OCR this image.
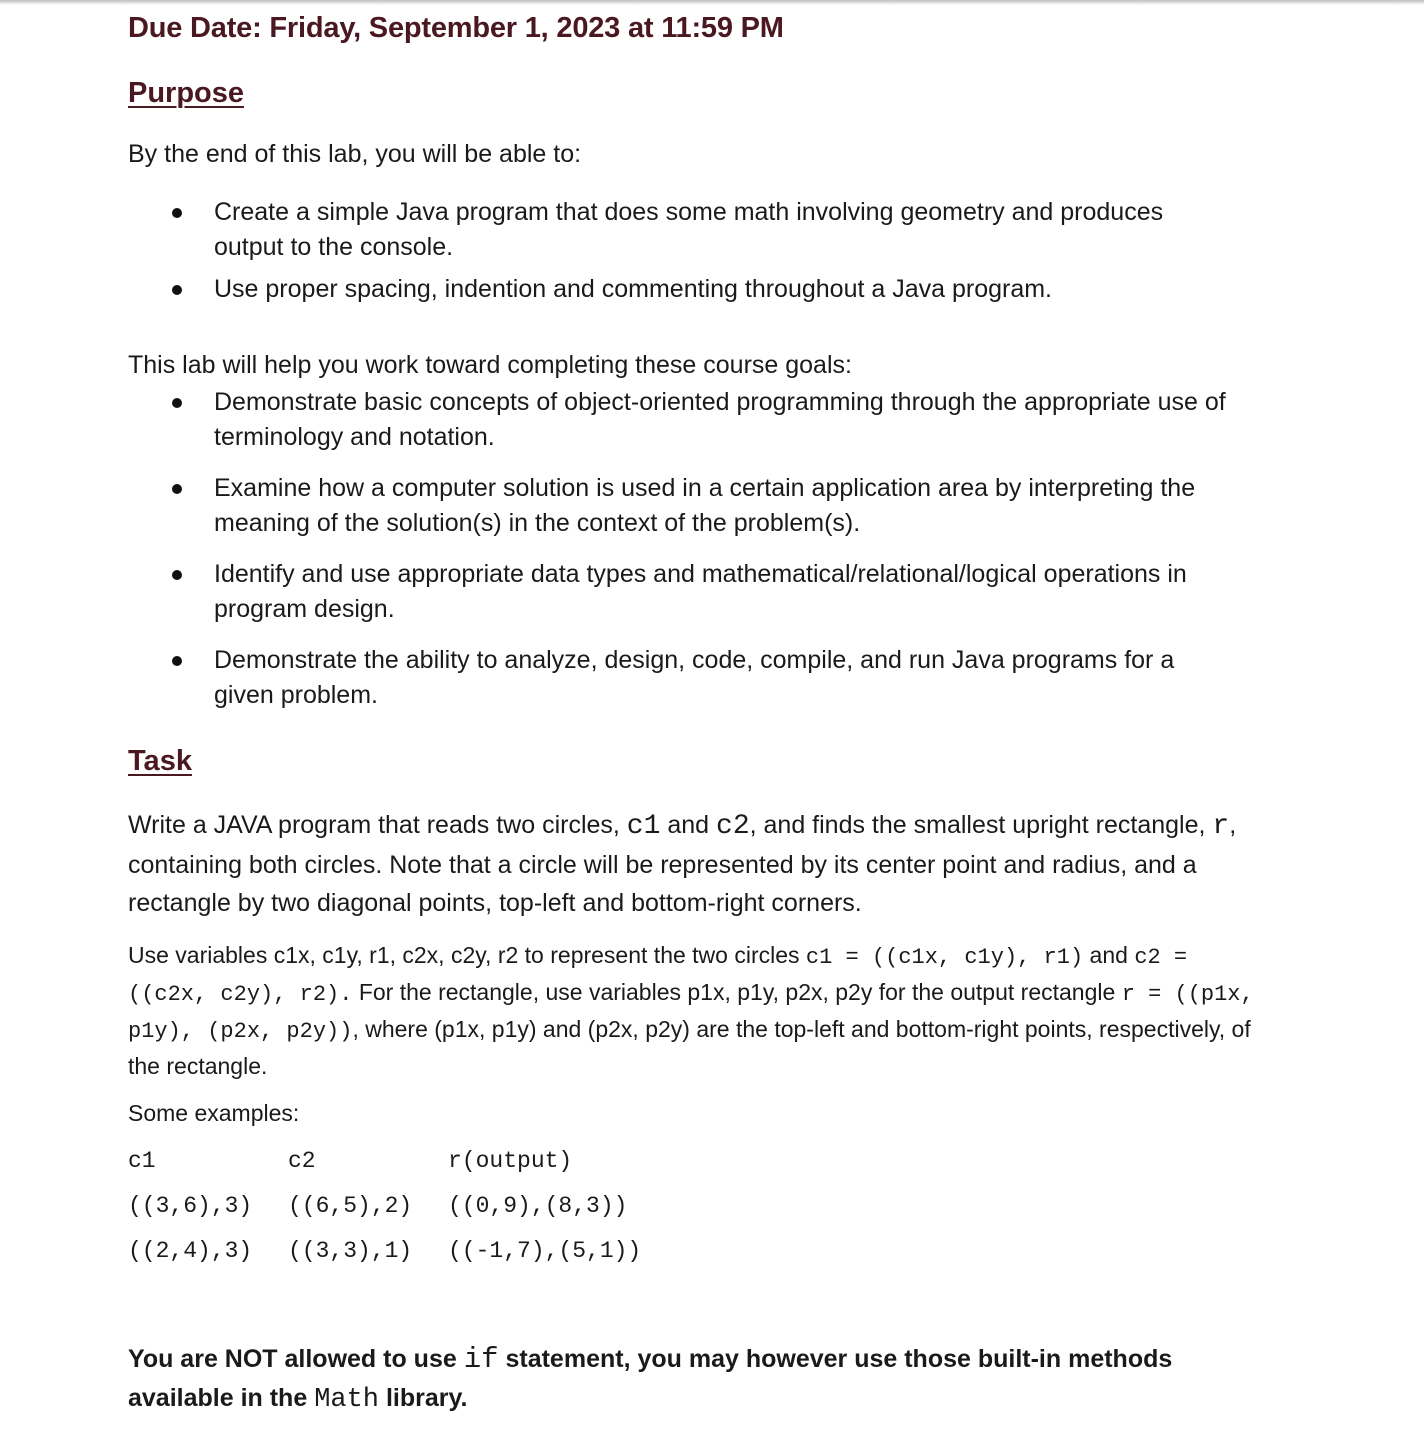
Due Date: Friday, September 1, 2023 at 11:59 PM
Purpose
By the end of this lab, you will be able to:
Create a simple Java program that does some math involving geometry and produces output to the console.
Use proper spacing, indention and commenting throughout a Java program.
This lab will help you work toward completing these course goals:
Demonstrate basic concepts of object-oriented programming through the appropriate use of terminology and notation.
Examine how a computer solution is used in a certain application area by interpreting the meaning of the solution(s) in the context of the problem(s).
Identify and use appropriate data types and mathematical/relational/logical operations in program design.
Demonstrate the ability to analyze, design, code, compile, and run Java programs for a given problem.
Task
Write a JAVA program that reads two circles, c1 and c2, and finds the smallest upright rectangle, r, containing both circles. Note that a circle will be represented by its center point and radius, and a rectangle by two diagonal points, top-left and bottom-right corners.
Use variables c1x, c1y, r1, c2x, c2y, r2 to represent the two circles c1 = ((c1x, c1y), r1) and c2 = ((c2x, c2y), r2). For the rectangle, use variables p1x, p1y, p2x, p2y for the output rectangle r = ((p1x, p1y), (p2x, p2y)), where (p1x, p1y) and (p2x, p2y) are the top-left and bottom-right points, respectively, of the rectangle.
Some examples:
c1	c2	r(output)
((3,6),3) ((6,5),2) ((0,9),(8,3))
((2,4),3) ((3,3),1) ((-1,7),(5,1))
You are NOT allowed to use if statement, you may however use those built-in methods available in the Math library.
